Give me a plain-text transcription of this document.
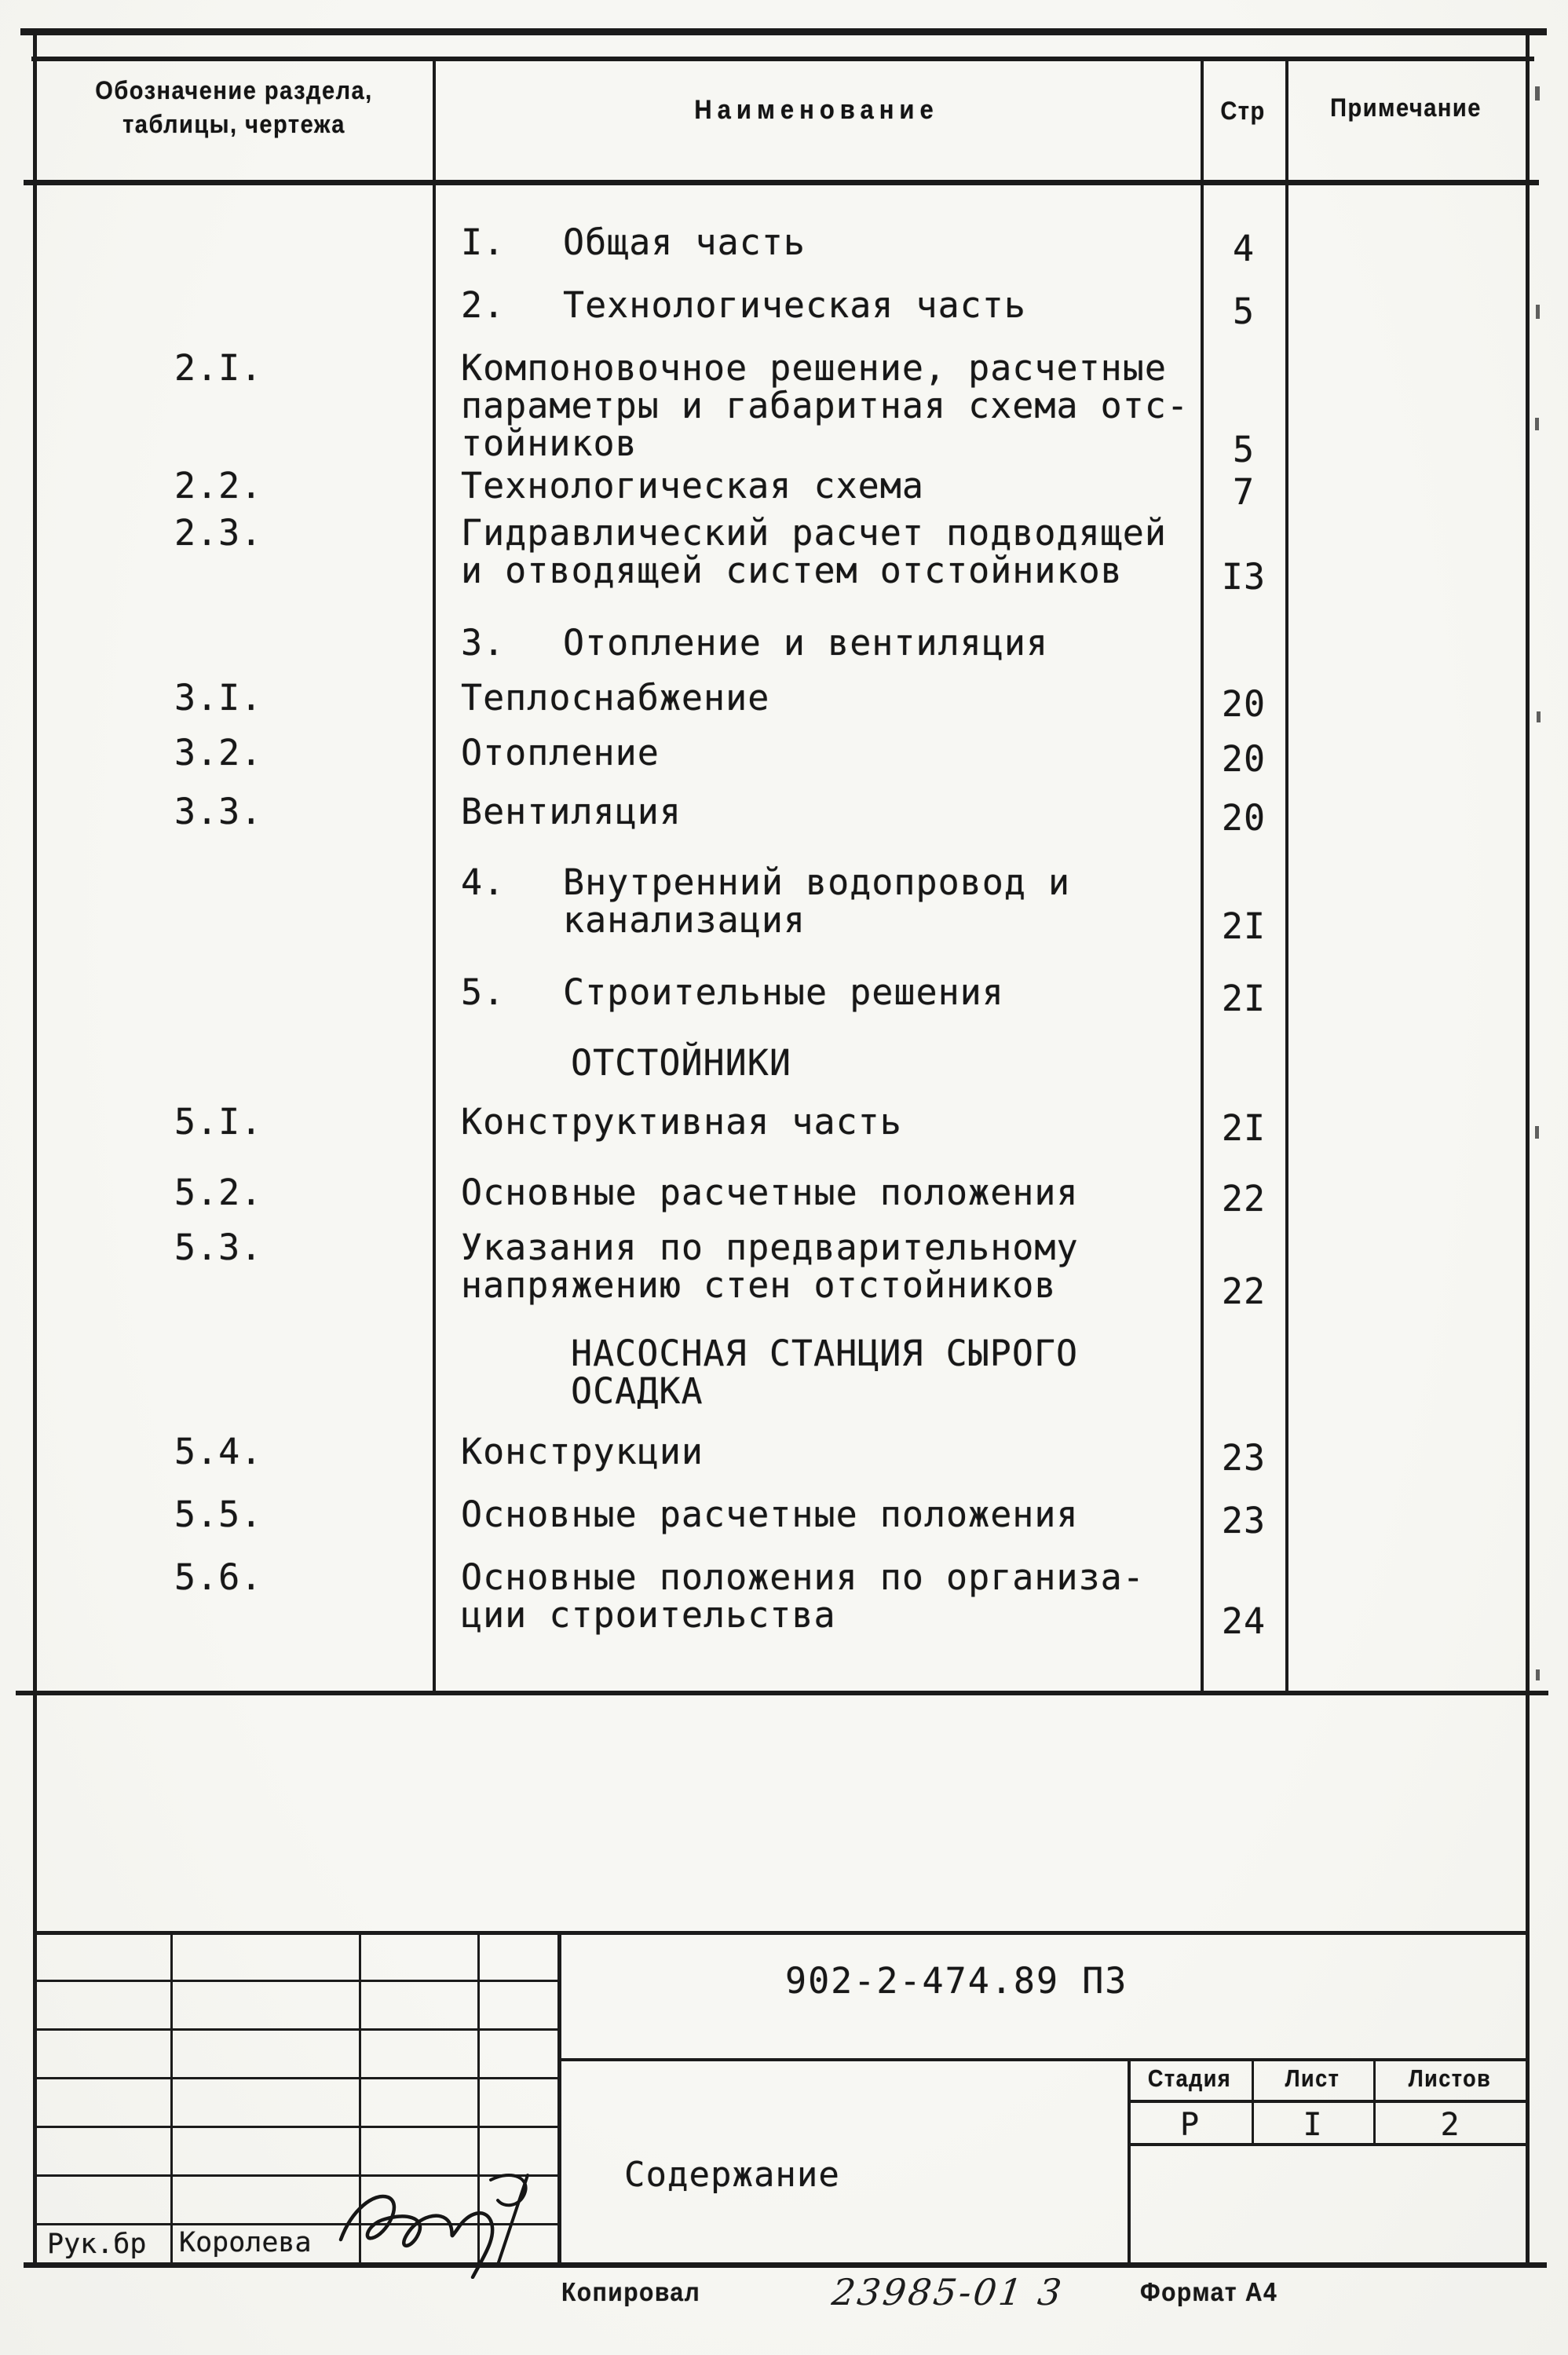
Обозначение раздела,
таблицы, чертежа	Наименование	Стр	Примечание
I. Общая часть	4
2. Технологическая часть	5
2.I.	Компоновочное решение, расчетные
параметры и габаритная схема отс-
тойников	5
2.2.	Технологическая схема	7
2.3.	Гидравлический расчет подводящей
и отводящей систем отстойников	I3
3. Отопление и вентиляция
3.I.	Теплоснабжение	20
3.2.	Отопление	20
3.3.	Вентиляция	20
4. Внутренний водопровод и
канализация	2I
5. Строительные решения	2I
ОТСТОЙНИКИ
5.I.	Конструктивная часть	2I
5.2.	Основные расчетные положения	22
5.3.	Указания по предварительному
напряжению стен отстойников	22
НАСОСНАЯ СТАНЦИЯ СЫРОГО
ОСАДКА
5.4.	Конструкции	23
5.5.	Основные расчетные положения	23
5.6.	Основные положения по организа-
ции строительства	24
Рук.бр Королева
902-2-474.89 ПЗ
Стадия	Лист	Листов
Р	I	2
Содержание
Копировал	23985-01 3	Формат А4
